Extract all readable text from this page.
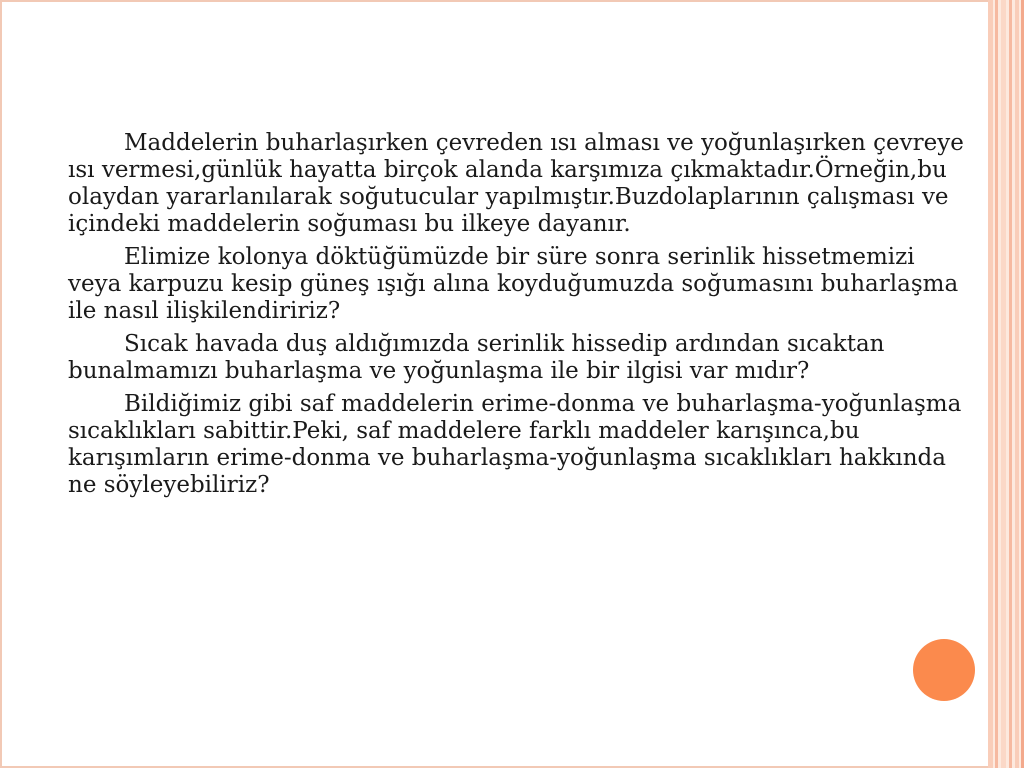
Maddelerin buharlaşırken çevreden ısı alması ve yoğunlaşırken çevreye ısı vermesi,günlük hayatta birçok alanda karşımıza çıkmaktadır.Örneğin,bu olaydan yararlanılarak soğutucular yapılmıştır.Buzdolaplarının çalışması ve içindeki maddelerin soğuması bu ilkeye dayanır.

Elimize kolonya döktüğümüzde bir süre sonra serinlik hissetmemizi veya karpuzu kesip güneş ışığı alına koyduğumuzda soğumasını buharlaşma ile nasıl ilişkilendiririz?

Sıcak havada duş aldığımızda serinlik hissedip ardından sıcaktan bunalmamızı buharlaşma ve yoğunlaşma ile bir ilgisi var mıdır?

Bildiğimiz gibi saf maddelerin erime-donma ve buharlaşma-yoğunlaşma sıcaklıkları sabittir.Peki, saf maddelere farklı maddeler karışınca,bu karışımların erime-donma ve buharlaşma-yoğunlaşma sıcaklıkları hakkında ne söyleyebiliriz?
